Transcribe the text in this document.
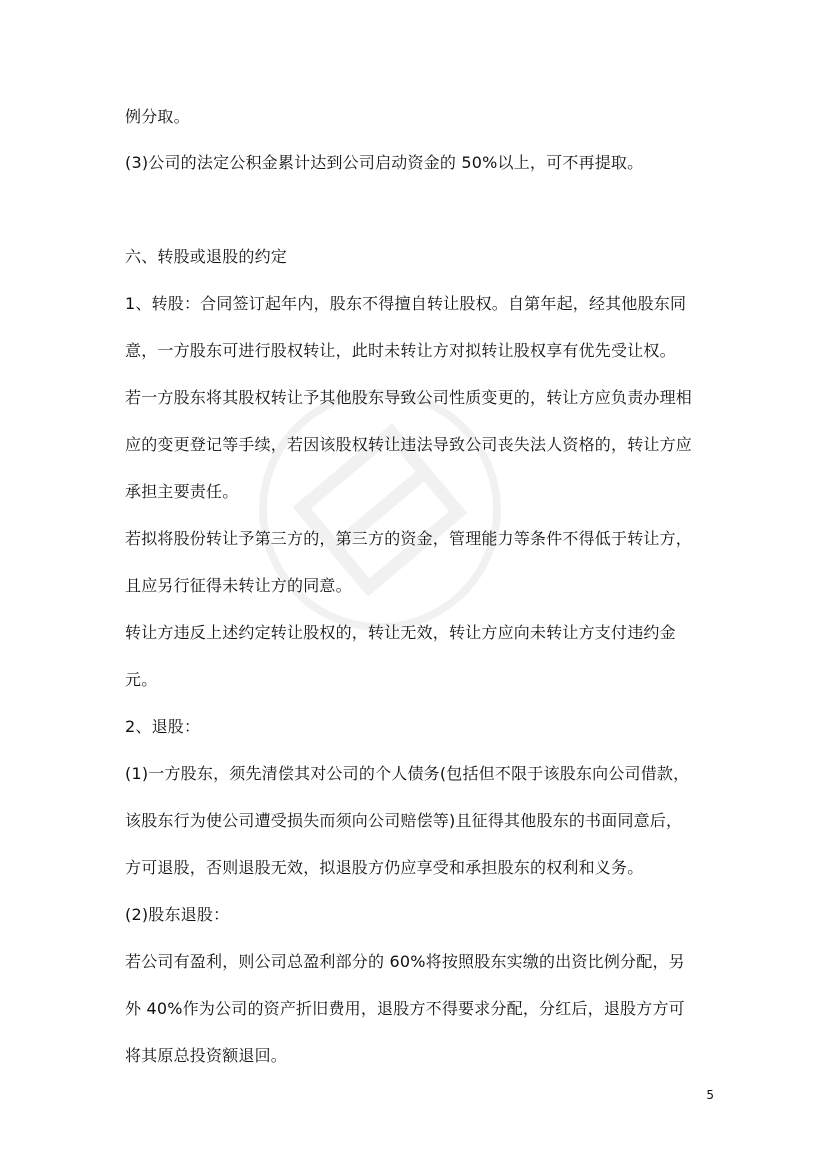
例分取。
(3)公司的法定公积金累计达到公司启动资金的 50%以上，可不再提取。
六、转股或退股的约定
1、转股：合同签订起年内，股东不得擅自转让股权。自第年起，经其他股东同
意，一方股东可进行股权转让，此时未转让方对拟转让股权享有优先受让权。
若一方股东将其股权转让予其他股东导致公司性质变更的，转让方应负责办理相
应的变更登记等手续，若因该股权转让违法导致公司丧失法人资格的，转让方应
承担主要责任。
若拟将股份转让予第三方的，第三方的资金，管理能力等条件不得低于转让方，
且应另行征得未转让方的同意。
转让方违反上述约定转让股权的，转让无效，转让方应向未转让方支付违约金
元。
2、退股：
(1)一方股东，须先清偿其对公司的个人债务(包括但不限于该股东向公司借款，
该股东行为使公司遭受损失而须向公司赔偿等)且征得其他股东的书面同意后，
方可退股，否则退股无效，拟退股方仍应享受和承担股东的权利和义务。
(2)股东退股：
若公司有盈利，则公司总盈利部分的 60%将按照股东实缴的出资比例分配，另
外 40%作为公司的资产折旧费用，退股方不得要求分配，分红后，退股方方可
将其原总投资额退回。
5
